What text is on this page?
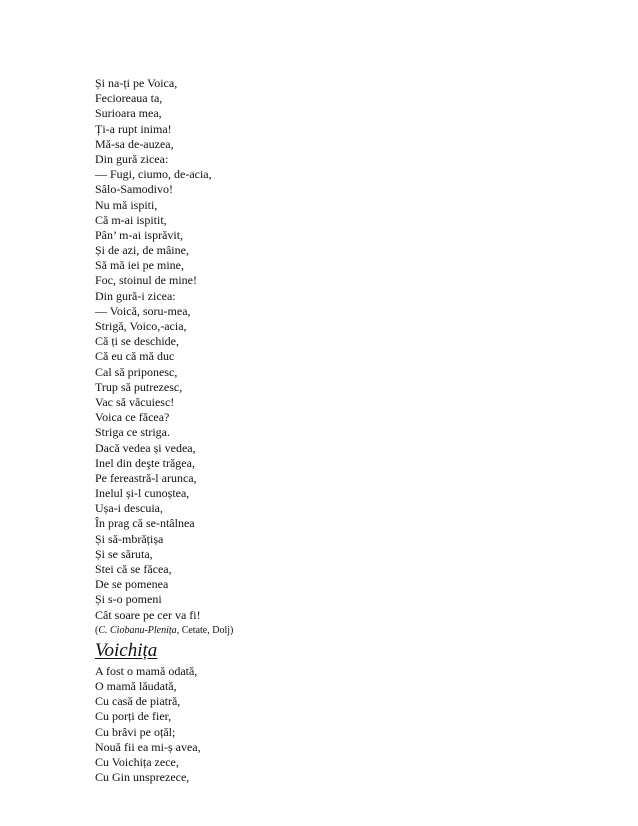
Și na-ți pe Voica,
Fecioreaua ta,
Surioara mea,
Ți-a rupt inima!
Mă-sa de-auzea,
Din gură zicea:
— Fugi, ciumo, de-acia,
Sâlo-Samodivo!
Nu mă ispiti,
Că m-ai ispitit,
Pân’ m-ai isprăvit,
Și de azi, de mâine,
Să mă iei pe mine,
Foc, stoinul de mine!
Din gură-i zicea:
— Voică, soru-mea,
Strigă, Voico,-acia,
Că ți se deschide,
Că eu că mă duc
Cal să priponesc,
Trup să putrezesc,
Vac să văcuiesc!
Voica ce făcea?
Striga ce striga.
Dacă vedea și vedea,
Inel din deşte trăgea,
Pe fereastră-l arunca,
Inelul și-l cunoștea,
Ușa-i descuia,
În prag că se-ntâlnea
Și să-mbrățișa
Și se săruta,
Stei că se făcea,
De se pomenea
Și s-o pomeni
Cât soare pe cer va fi!
(C. Ciobanu-Plenița, Cetate, Dolj)
Voichița
A fost o mamă odată,
O mamă lăudată,
Cu casă de piatră,
Cu porți de fier,
Cu brâvi pe oțăl;
Nouă fii ea mi-ș avea,
Cu Voichița zece,
Cu Gin unsprezece,
